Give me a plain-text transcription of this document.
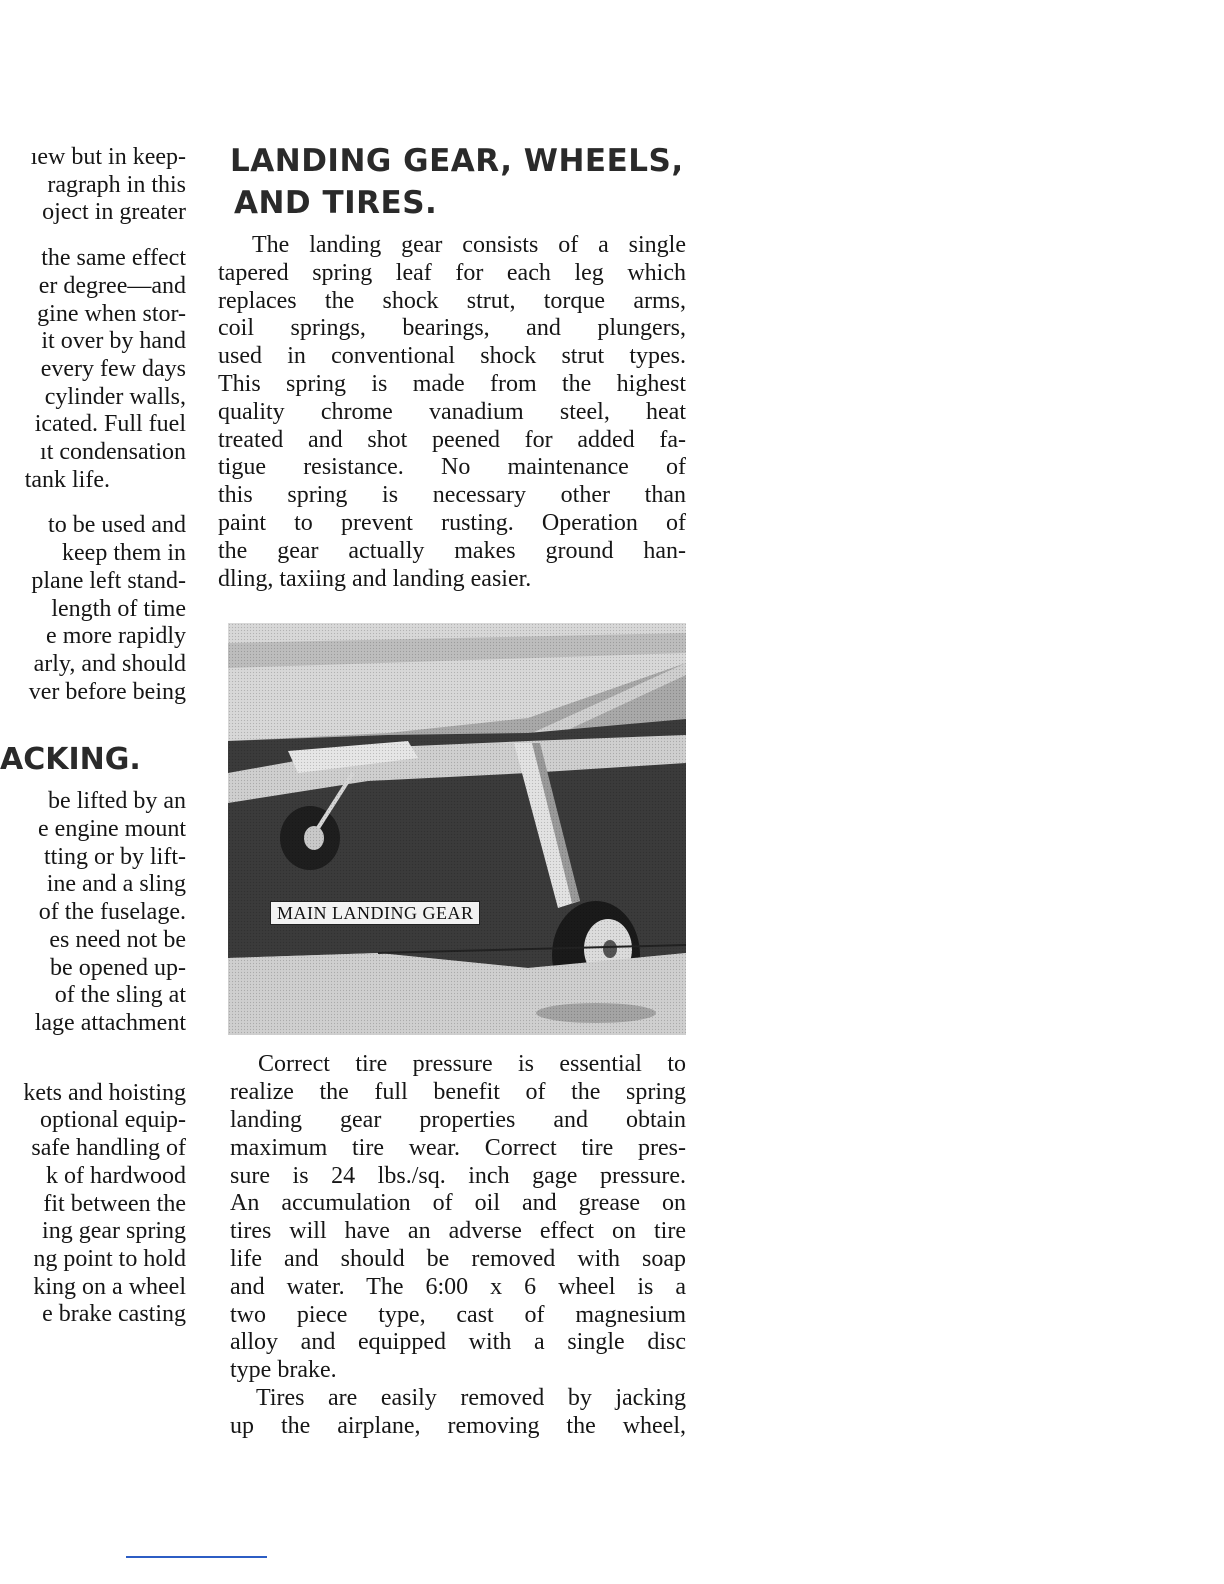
ıew but in keep-

ragraph in this

oject in greater

the same effect

er degree—and

gine when stor-

it over by hand

every few days

cylinder walls,

icated. Full fuel

ıt condensation

tank life.

to be used and

keep them in

plane left stand-

length of time

e more rapidly

arly, and should

ver before being

ACKING.

be lifted by an

e engine mount

tting or by lift-

ine and a sling

of the fuselage.

es need not be

be opened up-

of the sling at

lage attachment

kets and hoisting

optional equip-

safe handling of

k of hardwood

fit between the

ing gear spring

ng point to hold

king on a wheel

e brake casting

LANDING GEAR, WHEELS,
AND TIRES.

The landing gear consists of a single

tapered spring leaf for each leg which

replaces the shock strut, torque arms,

coil springs, bearings, and plungers,

used in conventional shock strut types.

This spring is made from the highest

quality chrome vanadium steel, heat

treated and shot peened for added fa-

tigue resistance. No maintenance of

this spring is necessary other than

paint to prevent rusting. Operation of

the gear actually makes ground han-

dling, taxiing and landing easier.

MAIN LANDING GEAR

Correct tire pressure is essential to

realize the full benefit of the spring

landing gear properties and obtain

maximum tire wear. Correct tire pres-

sure is 24 lbs./sq. inch gage pressure.

An accumulation of oil and grease on

tires will have an adverse effect on tire

life and should be removed with soap

and water. The 6:00 x 6 wheel is a

two piece type, cast of magnesium

alloy and equipped with a single disc

type brake.

Tires are easily removed by jacking

up the airplane, removing the wheel,
